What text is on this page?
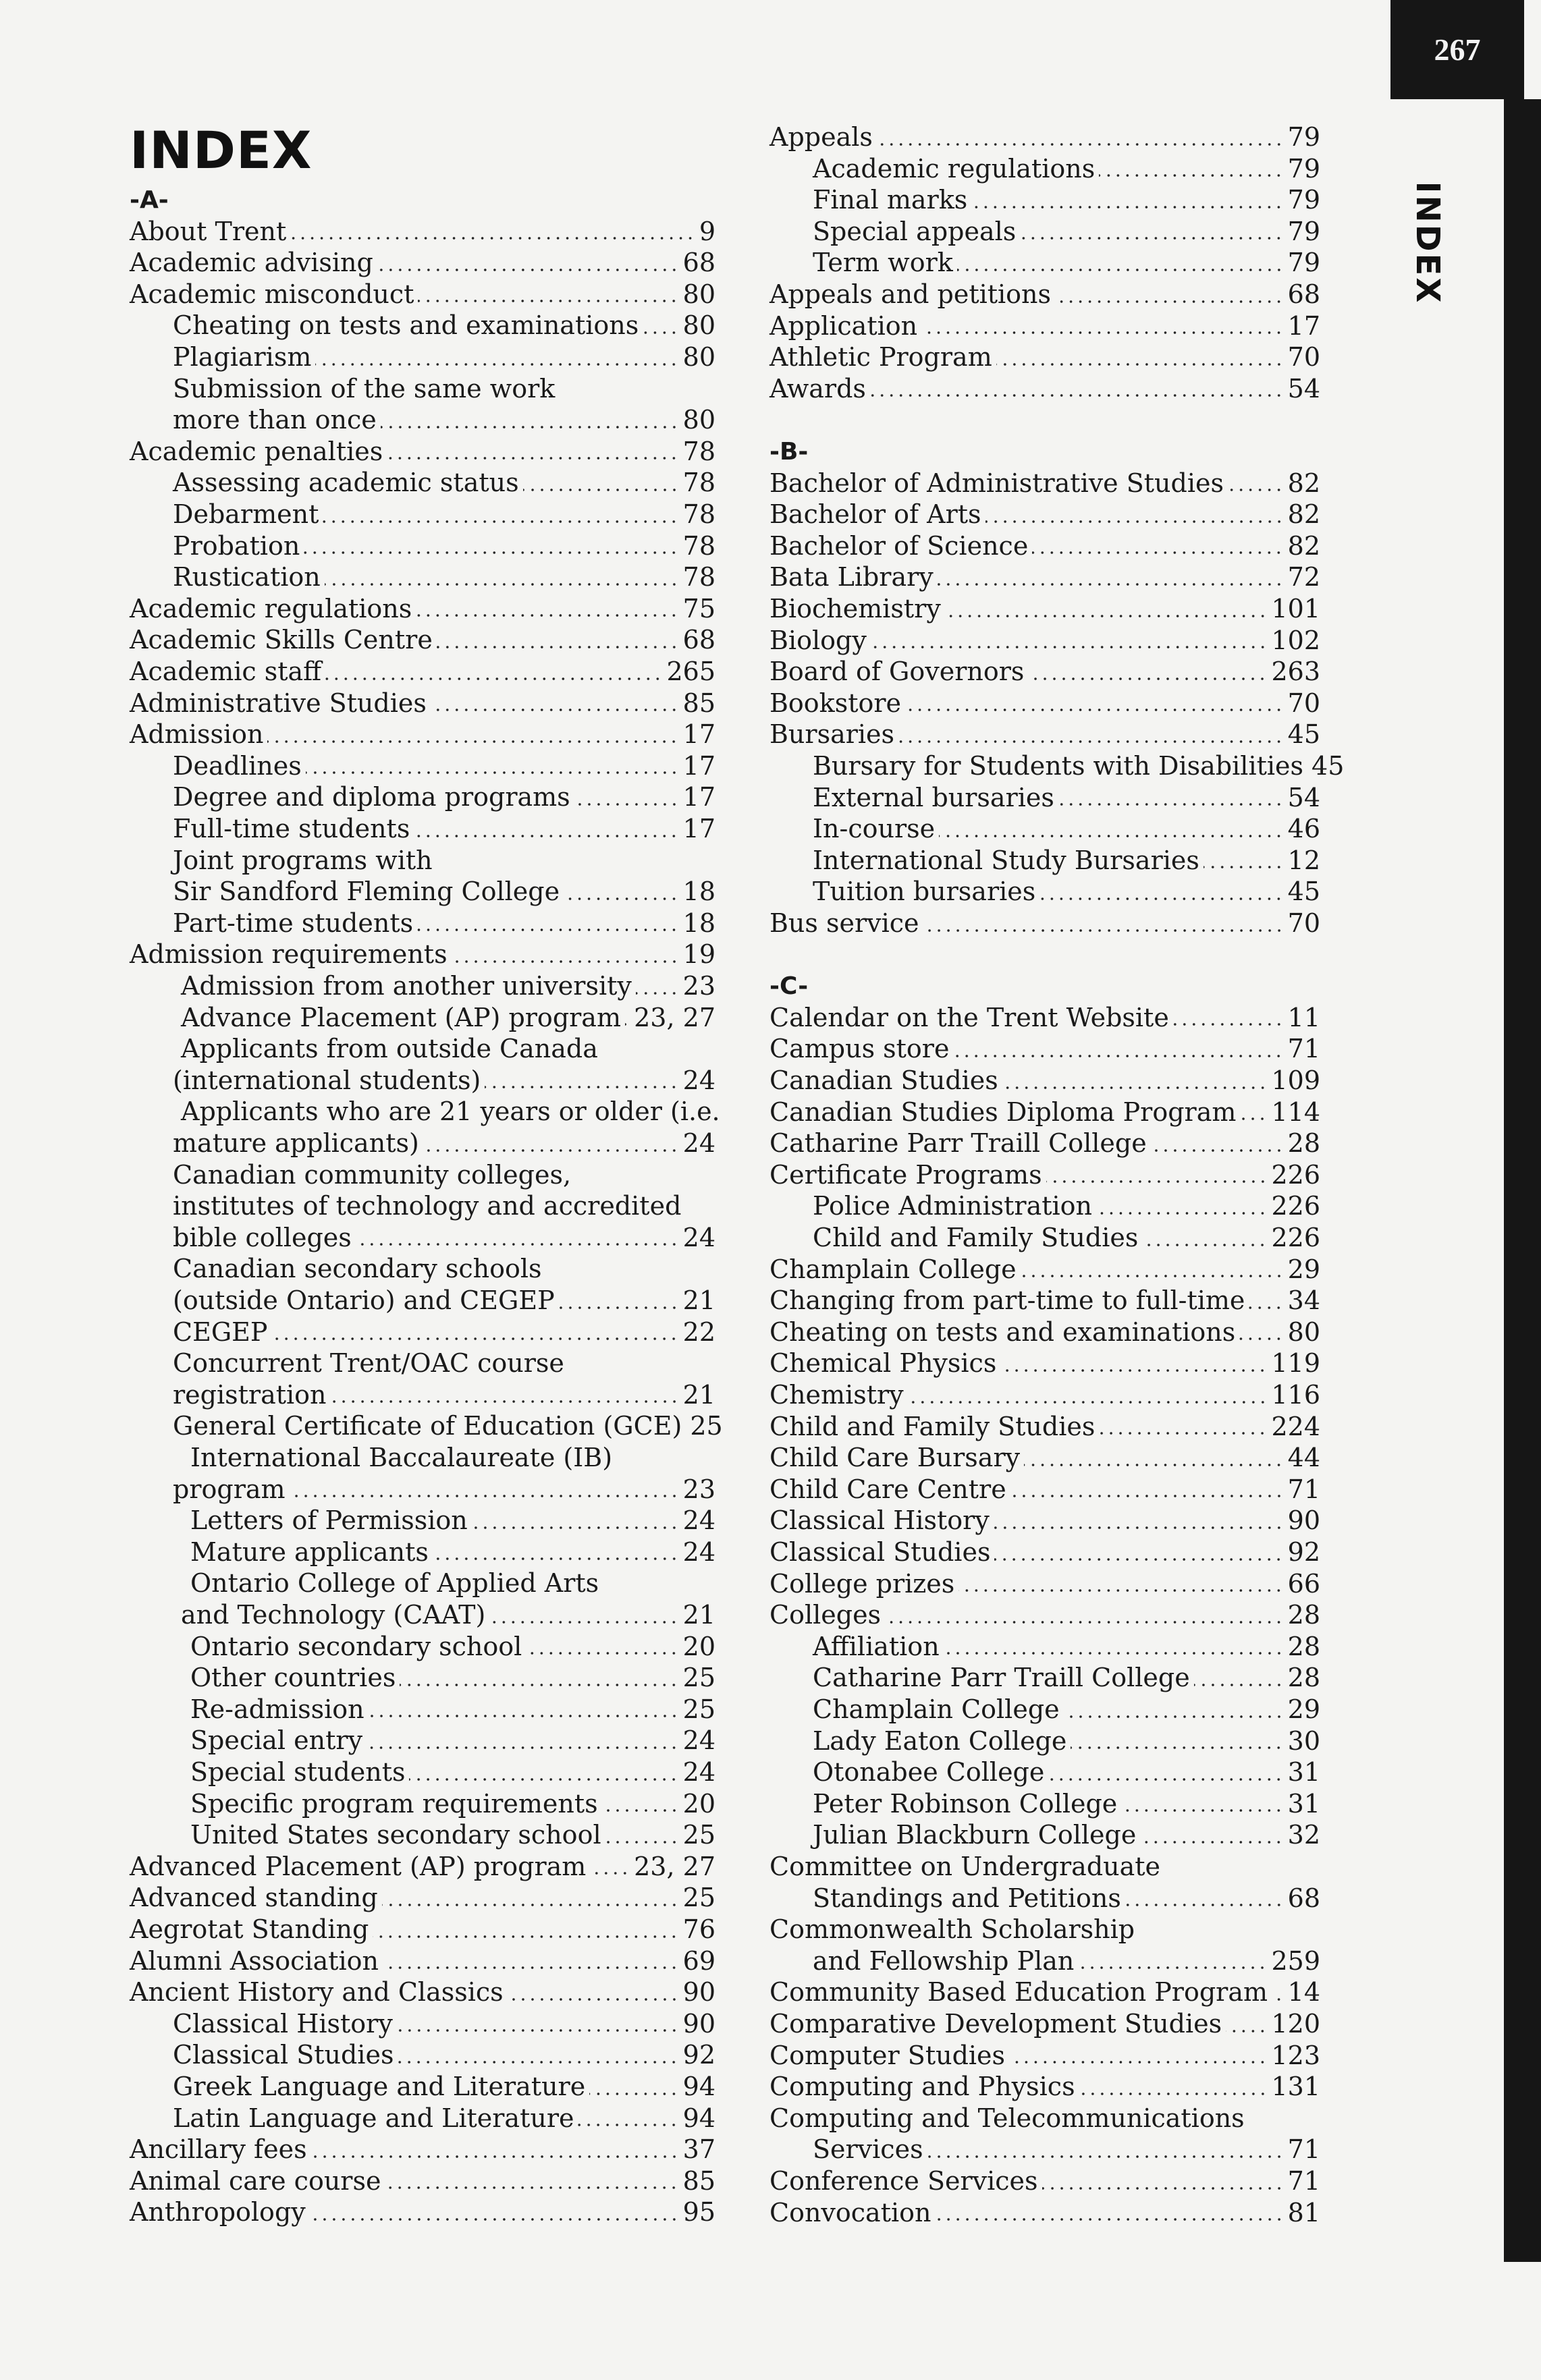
267
INDEX
INDEX
-A-
About Trent	9
Academic advising	68
Academic misconduct	80
Cheating on tests and examinations 80
Plagiarism	80
Submission of the same work
more than once	80
Academic penalties	78
Assessing academic status	78
Debarment	78
Probation	78
Rustication	78
Academic regulations	75
Academic Skills Centre	68
Academic staff	265
Administrative Studies	85
Admission	17
Deadlines	17
Degree and diploma programs	17
Full-time students	17
Joint programs with
Sir Sandford Fleming College	18
Part-time students	18
Admission requirements	19
Admission from another university 23
Advance Placement (AP) program 23, 27
Applicants from outside Canada
(international students)	24
Applicants who are 21 years or older (i.e.
mature applicants)	24
Canadian community colleges,
institutes of technology and accredited
bible colleges	24
Canadian secondary schools
(outside Ontario) and CEGEP	21
CEGEP	22
Concurrent Trent/OAC course
registration	21
General Certificate of Education (GCE) 25
International Baccalaureate (IB)
program	23
Letters of Permission	24
Mature applicants	24
Ontario College of Applied Arts
and Technology (CAAT)	21
Ontario secondary school	20
Other countries	25
Re-admission	25
Special entry	24
Special students	24
Specific program requirements	20
United States secondary school	25
Advanced Placement (AP) program 23, 27
Advanced standing	25
Aegrotat Standing	76
Alumni Association	69
Ancient History and Classics	90
Classical History	90
Classical Studies	92
Greek Language and Literature	94
Latin Language and Literature	94
Ancillary fees	37
Animal care course	85
Anthropology	95
Appeals	79
Academic regulations	79
Final marks	79
Special appeals	79
Term work	79
Appeals and petitions	68
Application	17
Athletic Program	70
Awards	54
-B-
Bachelor of Administrative Studies 82
Bachelor of Arts	82
Bachelor of Science	82
Bata Library	72
Biochemistry	101
Biology	102
Board of Governors	263
Bookstore	70
Bursaries	45
Bursary for Students with Disabilities 45
External bursaries	54
In-course	46
International Study Bursaries	12
Tuition bursaries	45
Bus service	70
-C-
Calendar on the Trent Website	11
Campus store	71
Canadian Studies	109
Canadian Studies Diploma Program 114
Catharine Parr Traill College	28
Certificate Programs	226
Police Administration	226
Child and Family Studies	226
Champlain College	29
Changing from part-time to full-time 34
Cheating on tests and examinations 80
Chemical Physics	119
Chemistry	116
Child and Family Studies	224
Child Care Bursary	44
Child Care Centre	71
Classical History	90
Classical Studies	92
College prizes	66
Colleges	28
Affiliation	28
Catharine Parr Traill College	28
Champlain College	29
Lady Eaton College	30
Otonabee College	31
Peter Robinson College	31
Julian Blackburn College	32
Committee on Undergraduate
Standings and Petitions	68
Commonwealth Scholarship
and Fellowship Plan	259
Community Based Education Program 14
Comparative Development Studies 120
Computer Studies	123
Computing and Physics	131
Computing and Telecommunications
Services	71
Conference Services	71
Convocation	81
